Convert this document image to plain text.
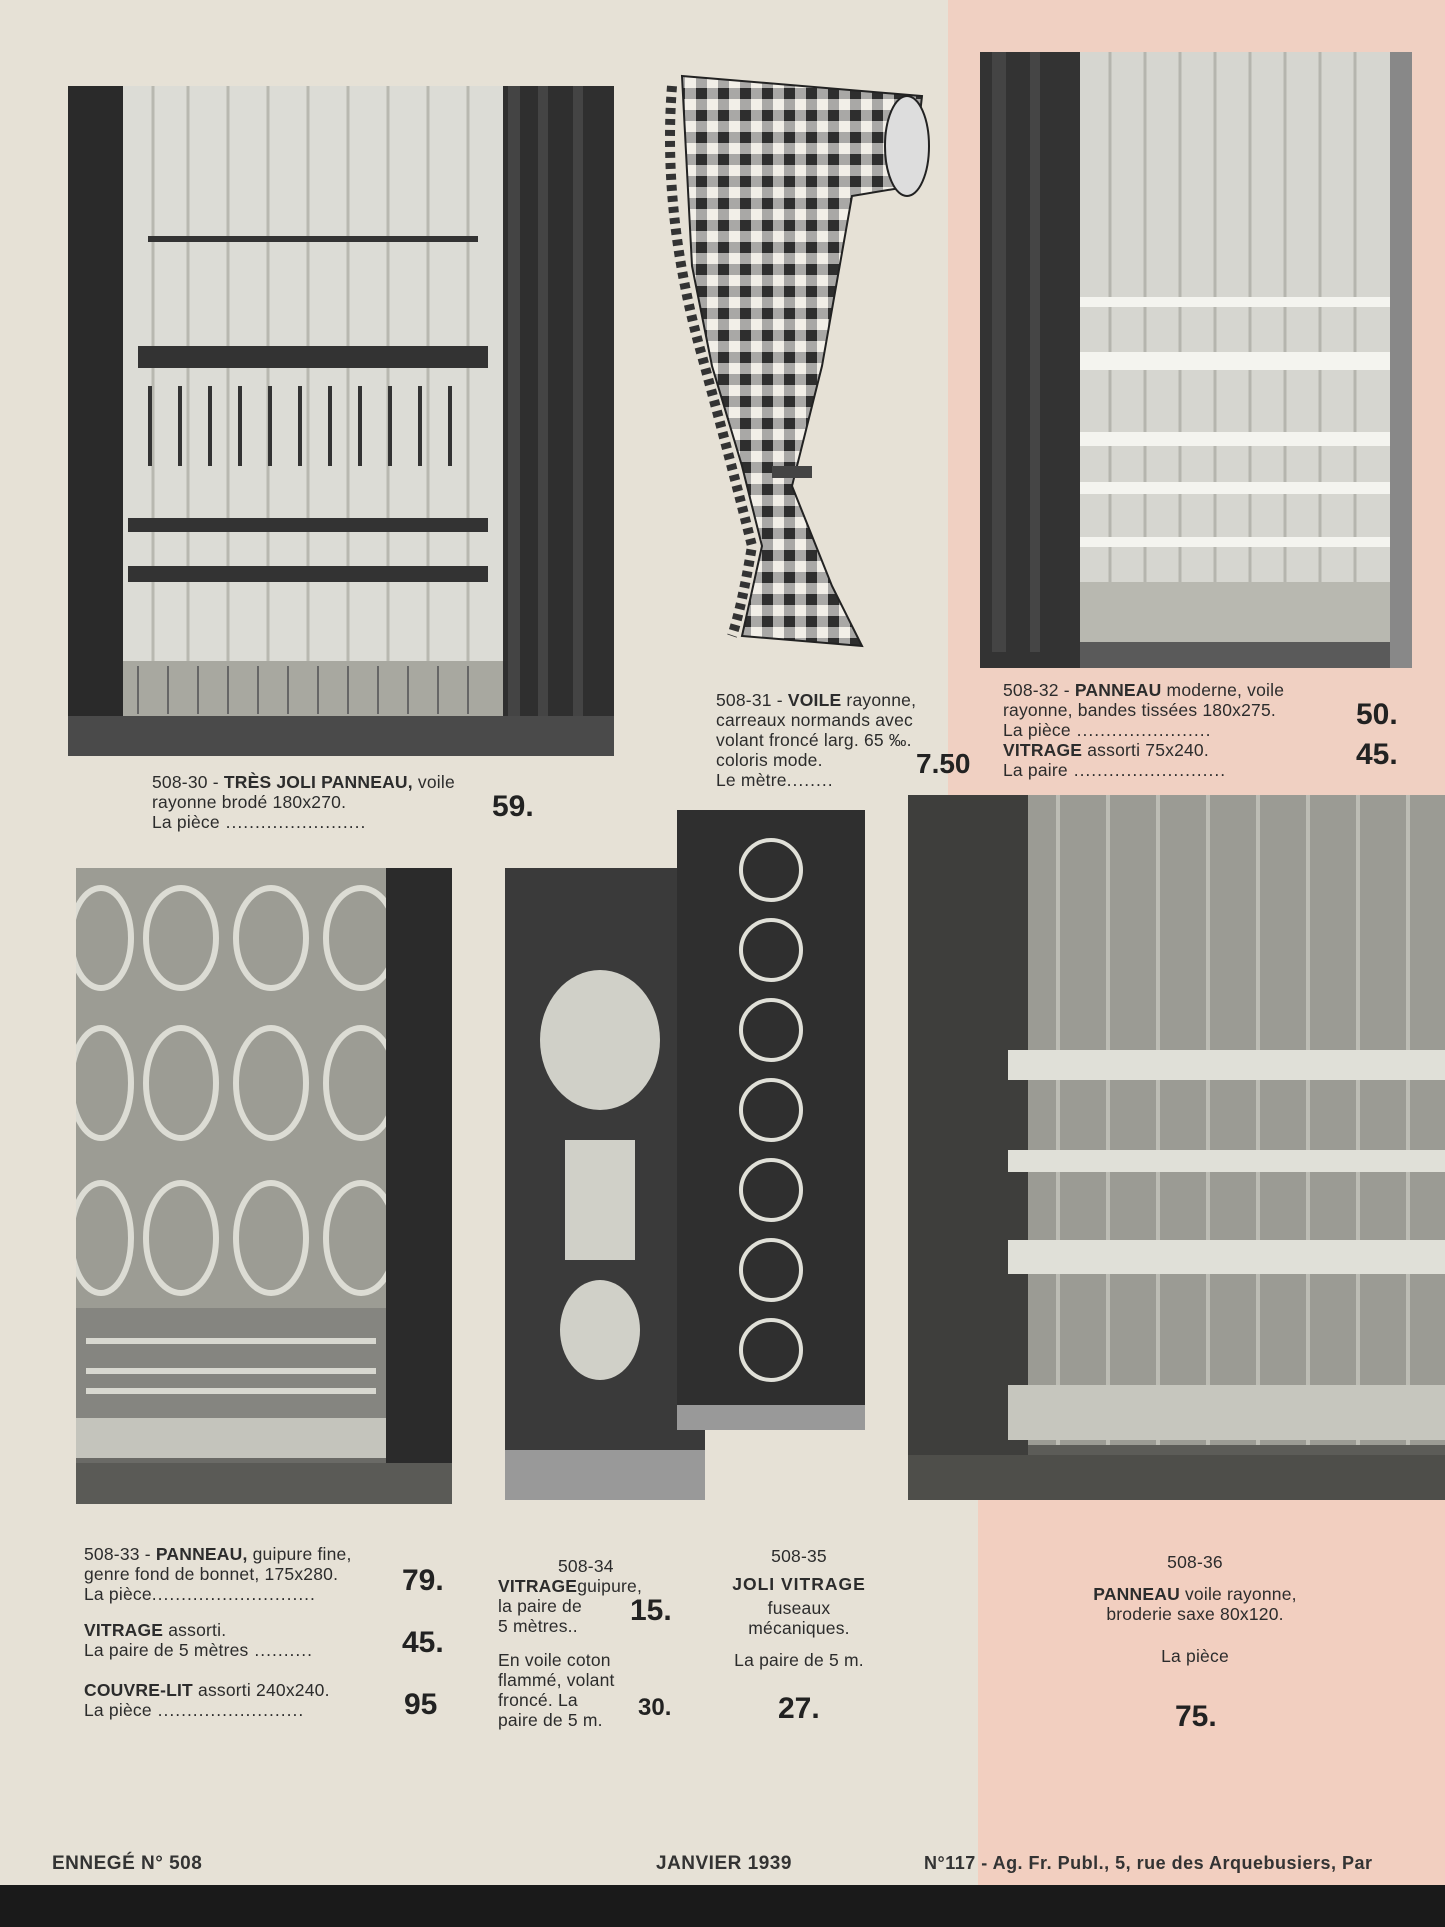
508-30 - TRÈS JOLI PANNEAU, voile
rayonne brodé 180x270.
La pièce ........................	59.
508-31 - VOILE rayonne,
carreaux normands avec
volant froncé larg. 65 ‰.
coloris mode.
Le mètre........
7.50
508-32 - PANNEAU moderne, voile
rayonne, bandes tissées 180x275.
La pièce .......................
VITRAGE assorti 75x240.
La paire ..........................
50.
45.
508-33 - PANNEAU, guipure fine,
genre fond de bonnet, 175x280.
La pièce............................
VITRAGE assorti.
La paire de 5 mètres ..........
COUVRE-LIT assorti 240x240.
La pièce .........................
79.
45.
95
508-34
VITRAGEguipure,
la paire de
5 mètres..
En voile coton
flammé, volant
froncé. La
paire de 5 m.
15.
30.
508-35
JOLI VITRAGE
fuseaux
mécaniques.
La paire de 5 m.
27.
508-36
PANNEAU voile rayonne,
broderie saxe 80x120.
La pièce
75.
ENNEGÉ N° 508	JANVIER 1939	N°117 - Ag. Fr. Publ., 5, rue des Arquebusiers, Par
